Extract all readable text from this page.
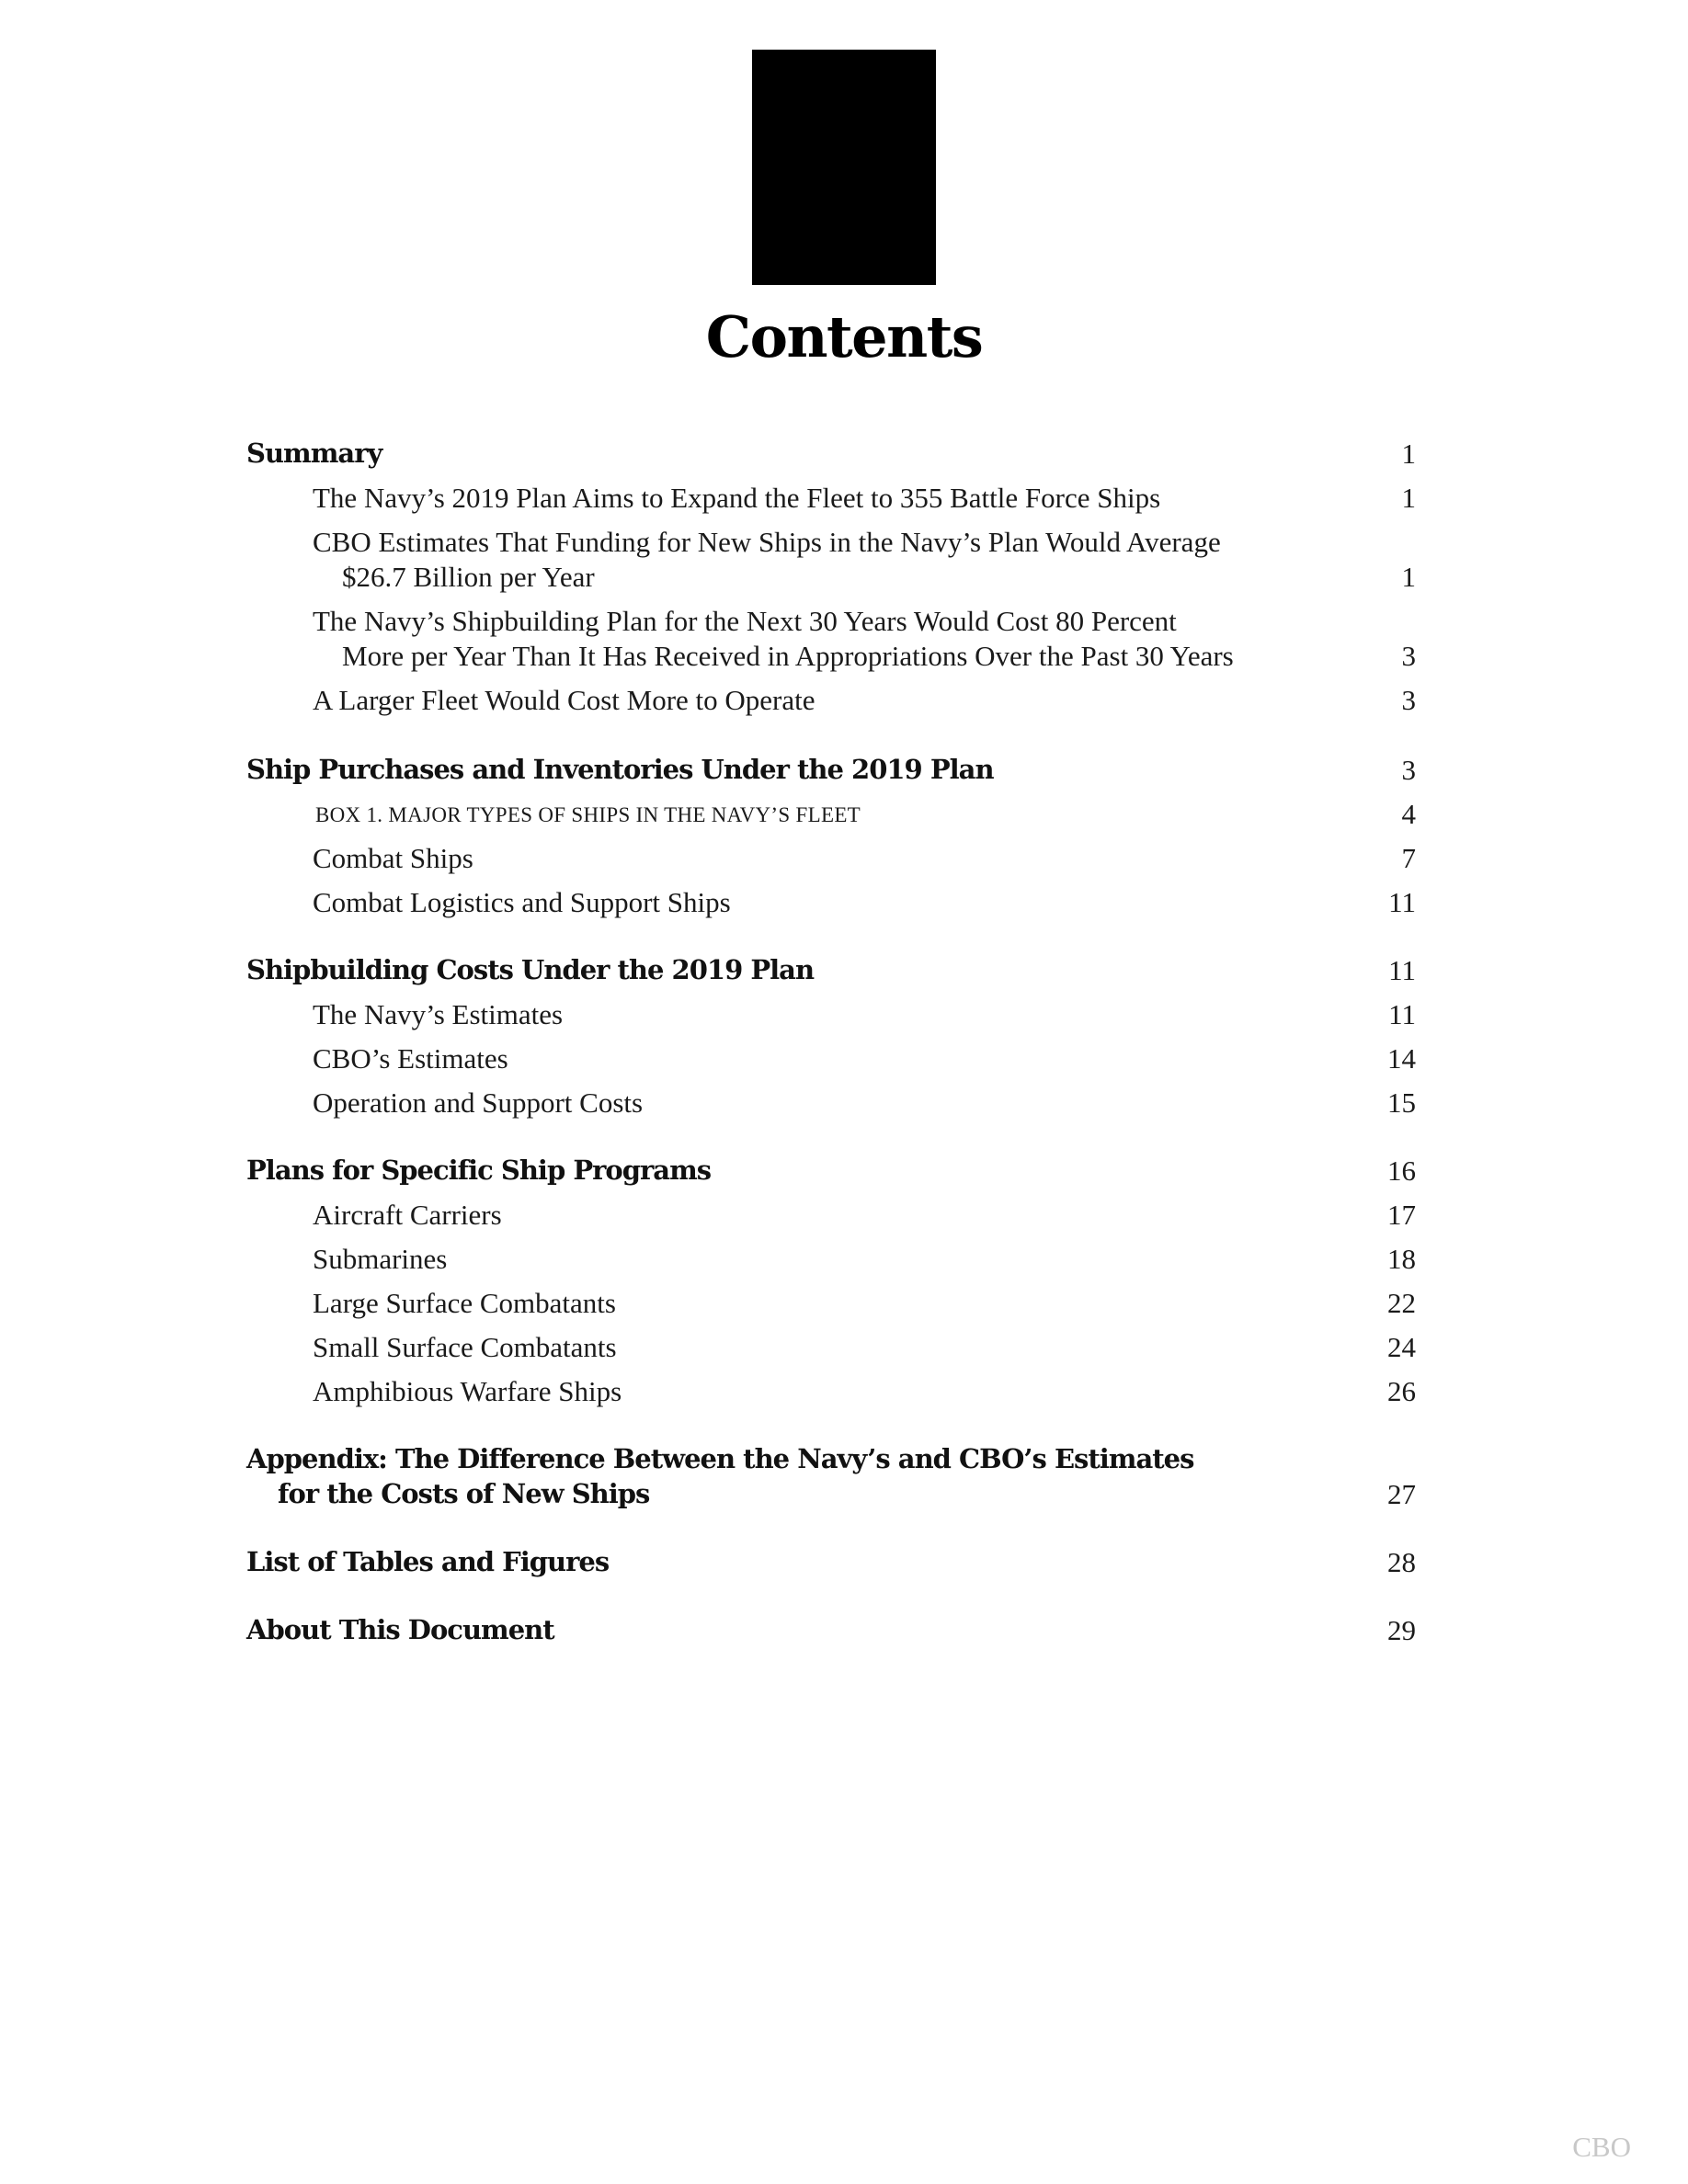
Contents
Summary	1
The Navy’s 2019 Plan Aims to Expand the Fleet to 355 Battle Force Ships	1
CBO Estimates That Funding for New Ships in the Navy’s Plan Would Average
$26.7 Billion per Year	1
The Navy’s Shipbuilding Plan for the Next 30 Years Would Cost 80 Percent
More per Year Than It Has Received in Appropriations Over the Past 30 Years	3
A Larger Fleet Would Cost More to Operate	3
Ship Purchases and Inventories Under the 2019 Plan	3
BOX 1. MAJOR TYPES OF SHIPS IN THE NAVY’S FLEET	4
Combat Ships	7
Combat Logistics and Support Ships	11
Shipbuilding Costs Under the 2019 Plan	11
The Navy’s Estimates	11
CBO’s Estimates	14
Operation and Support Costs	15
Plans for Specific Ship Programs	16
Aircraft Carriers	17
Submarines	18
Large Surface Combatants	22
Small Surface Combatants	24
Amphibious Warfare Ships	26
Appendix: The Difference Between the Navy’s and CBO’s Estimates
for the Costs of New Ships	27
List of Tables and Figures	28
About This Document	29
CBO
